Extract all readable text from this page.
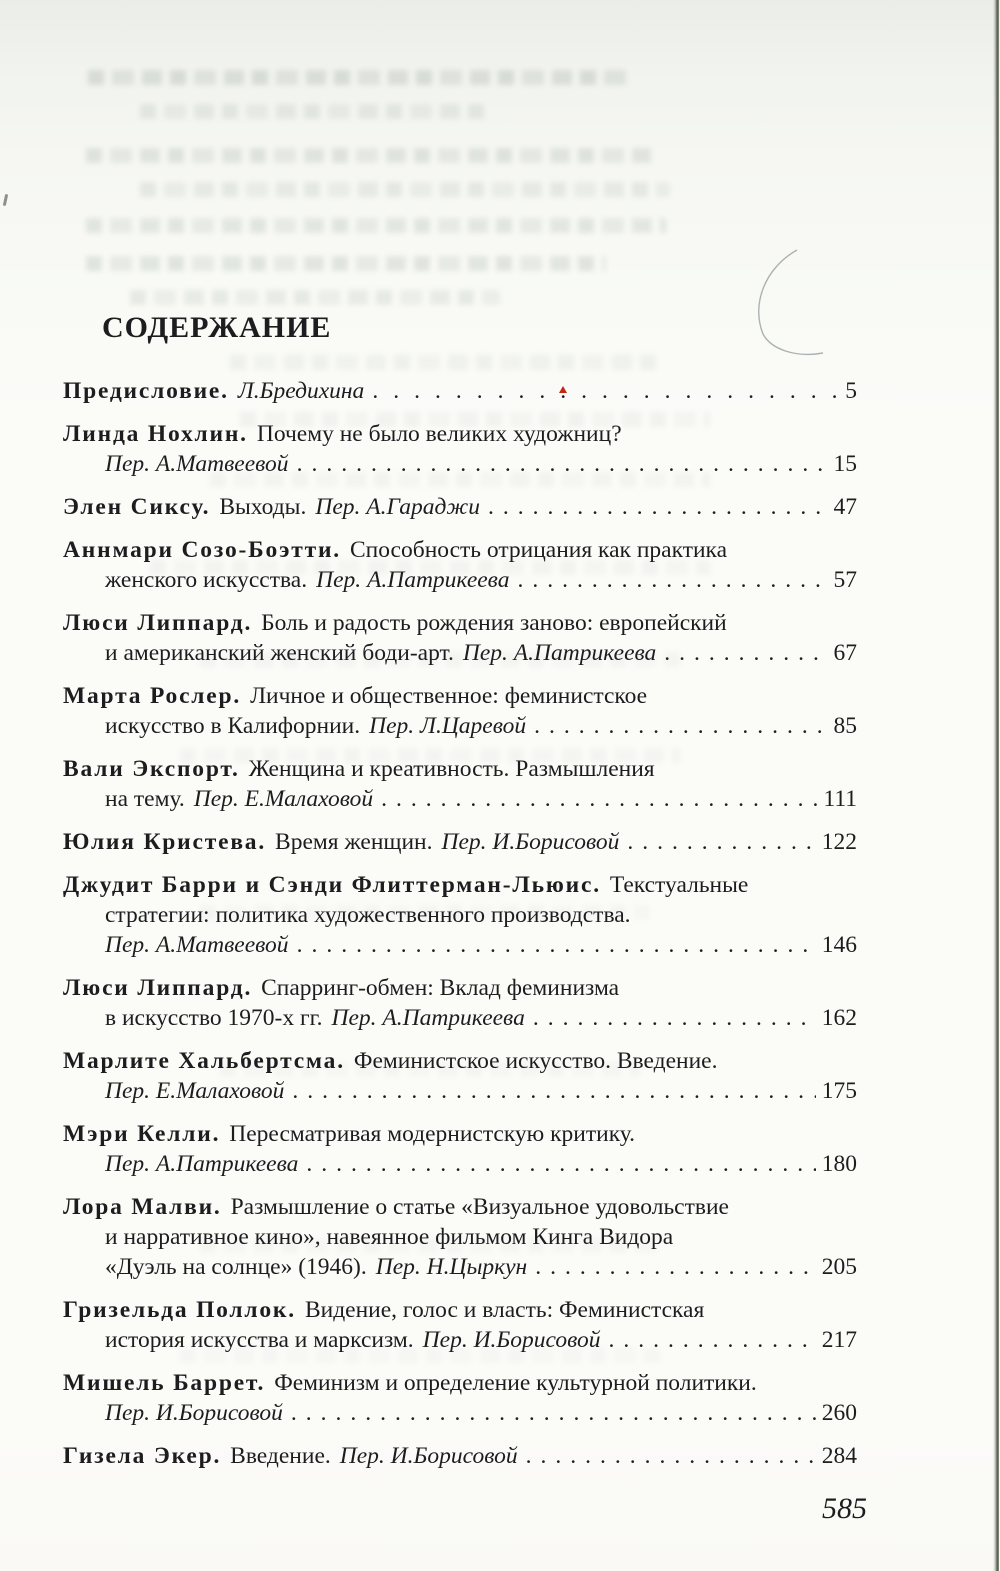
СОДЕРЖАНИЕ
Предисловие. Л.Бредихина .....	5
Линда Нохлин. Почему не было великих художниц?
Пер. А.Матвеевой .....	15
Элен Сиксу. Выходы. Пер. А.Гараджи .....	47
Аннмари Созо-Боэтти. Способность отрицания как практика
женского искусства. Пер. А.Патрикеева .....	57
Люси Липпард. Боль и радость рождения заново: европейский
и американский женский боди-арт. Пер. А.Патрикеева .....	67
Марта Рослер. Личное и общественное: феминистское
искусство в Калифорнии. Пер. Л.Царевой .....	85
Вали Экспорт. Женщина и креативность. Размышления
на тему. Пер. Е.Малаховой .....	111
Юлия Кристева. Время женщин. Пер. И.Борисовой .....	122
Джудит Барри и Сэнди Флиттерман-Льюис. Текстуальные
стратегии: политика художественного производства.
Пер. А.Матвеевой .....	146
Люси Липпард. Спарринг-обмен: Вклад феминизма
в искусство 1970-х гг. Пер. А.Патрикеева .....	162
Марлите Хальбертсма. Феминистское искусство. Введение.
Пер. Е.Малаховой .....	175
Мэри Келли. Пересматривая модернистскую критику.
Пер. А.Патрикеева .....	180
Лора Малви. Размышление о статье «Визуальное удовольствие
и нарративное кино», навеянное фильмом Кинга Видора
«Дуэль на солнце» (1946). Пер. Н.Цыркун .....	205
Гризельда Поллок. Видение, голос и власть: Феминистская
история искусства и марксизм. Пер. И.Борисовой .....	217
Мишель Баррет. Феминизм и определение культурной политики.
Пер. И.Борисовой .....	260
Гизела Экер. Введение. Пер. И.Борисовой .....	284
585
